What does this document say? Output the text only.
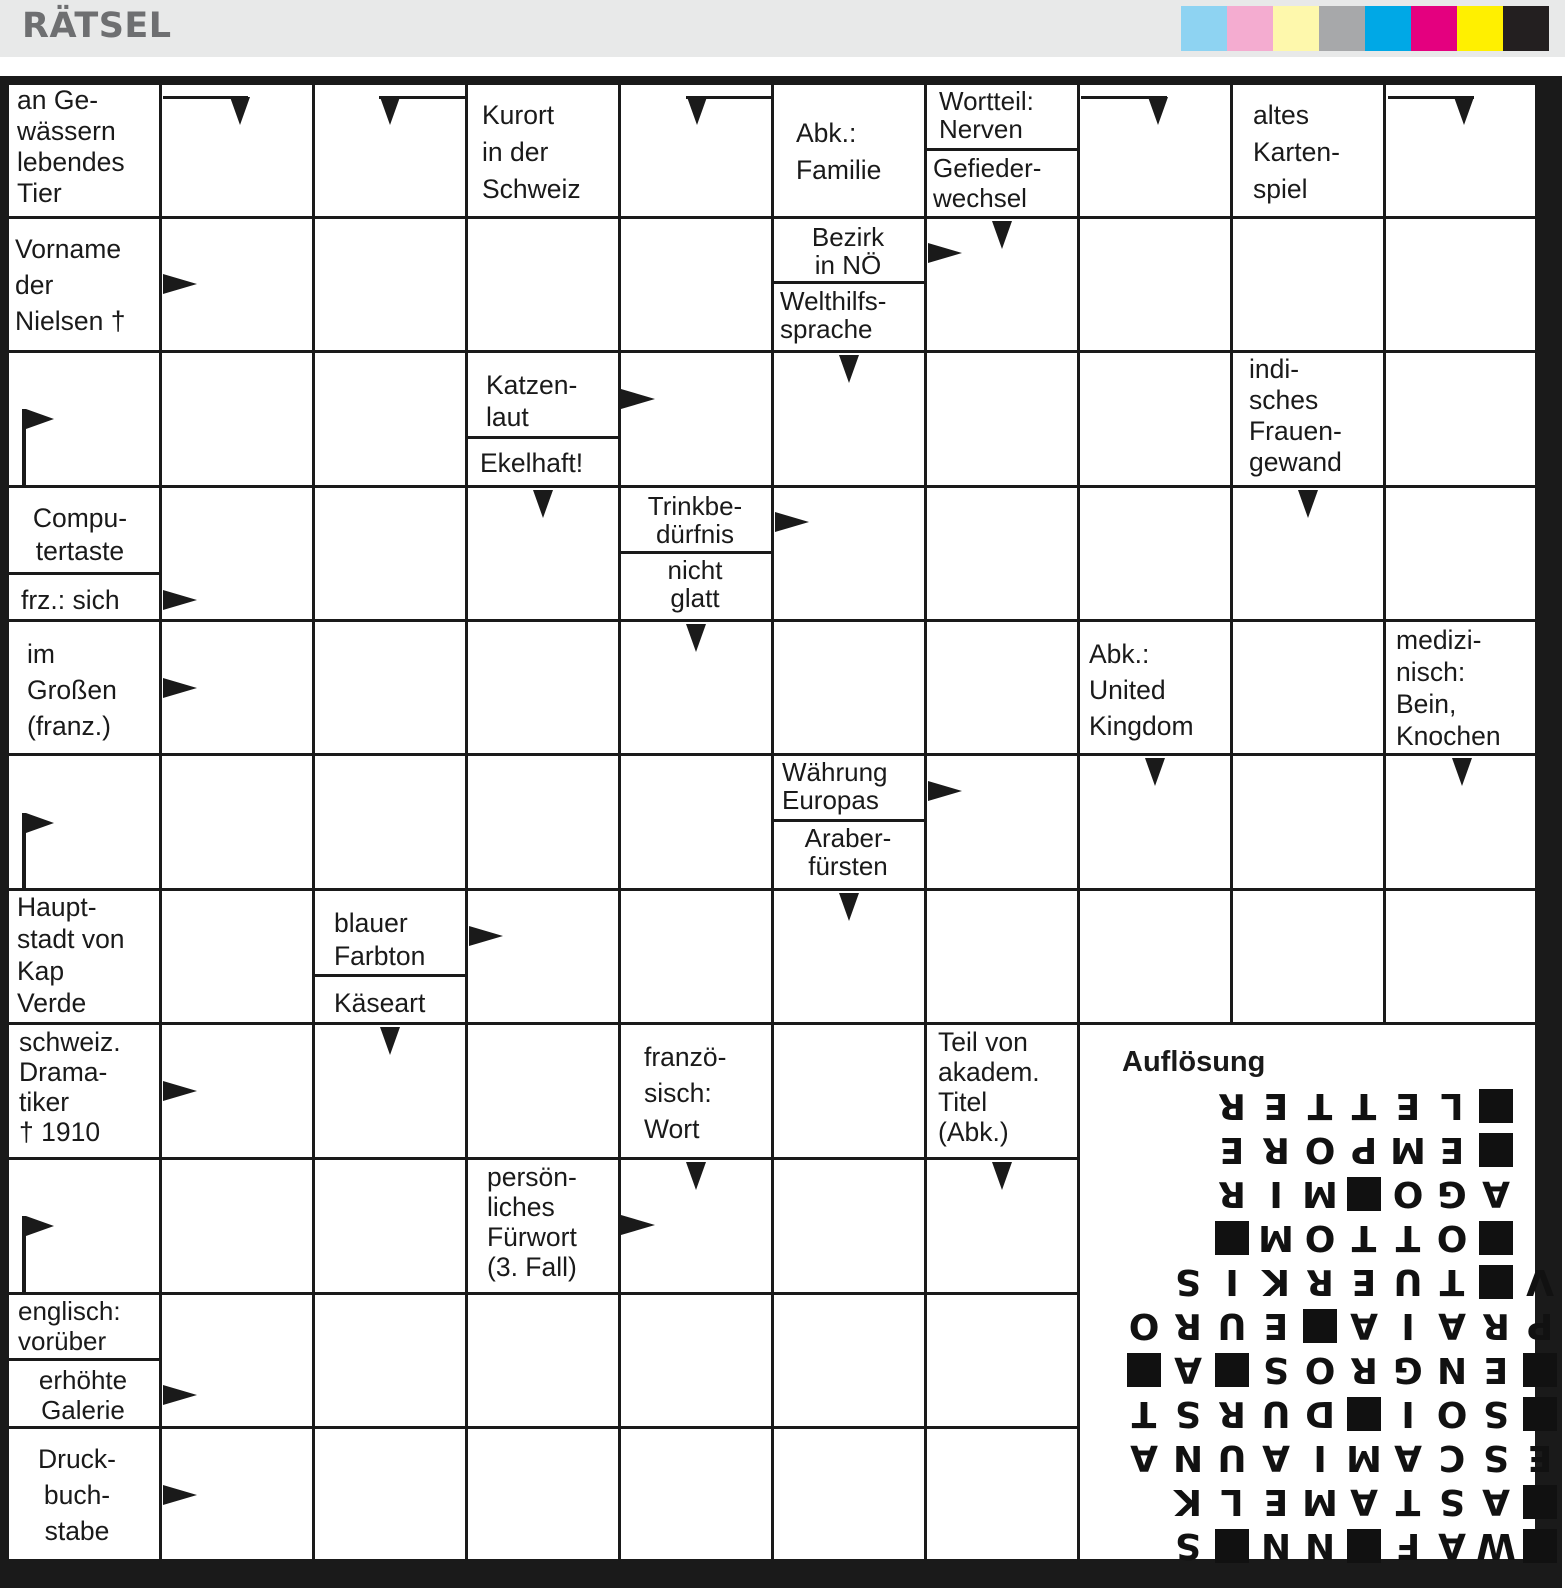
RÄTSEL
an Ge-
wässern
lebendes
Tier
Kurort
in der
Schweiz
Abk.:
Familie
Wortteil:
Nerven
Gefieder-
wechsel
altes
Karten-
spiel
Vorname
der
Nielsen †
Bezirk
in NÖ
Welthilfs-
sprache
Katzen-
laut
Ekelhaft!
indi-
sches
Frauen-
gewand
Compu-
tertaste
frz.: sich
Trinkbe-
dürfnis
nicht
glatt
im
Großen
(franz.)
Abk.:
United
Kingdom
medizi-
nisch:
Bein,
Knochen
Währung
Europas
Araber-
fürsten
Haupt-
stadt von
Kap
Verde
blauer
Farbton
Käseart
schweiz.
Drama-
tiker
† 1910
franzö-
sisch:
Wort
Teil von
akadem.
Titel
(Abk.)
persön-
liches
Fürwort
(3. Fall)
englisch:
vorüber
erhöhte
Galerie
Druck-
buch-
stabe
Auflösung
W
A
F
N
N
S
A
S
T
A
M
E
L
K
E
S
C
A
M
I
A
U
N
A
S
O
I
D
U
R
S
T
E
N
G
R
O
S
A
P
R
A
I
A
E
U
R
O
V
T
U
E
R
K
I
S
O
T
T
O
M
A
G
O
M
I
R
E
M
P
O
R
E
L
E
T
T
E
R
